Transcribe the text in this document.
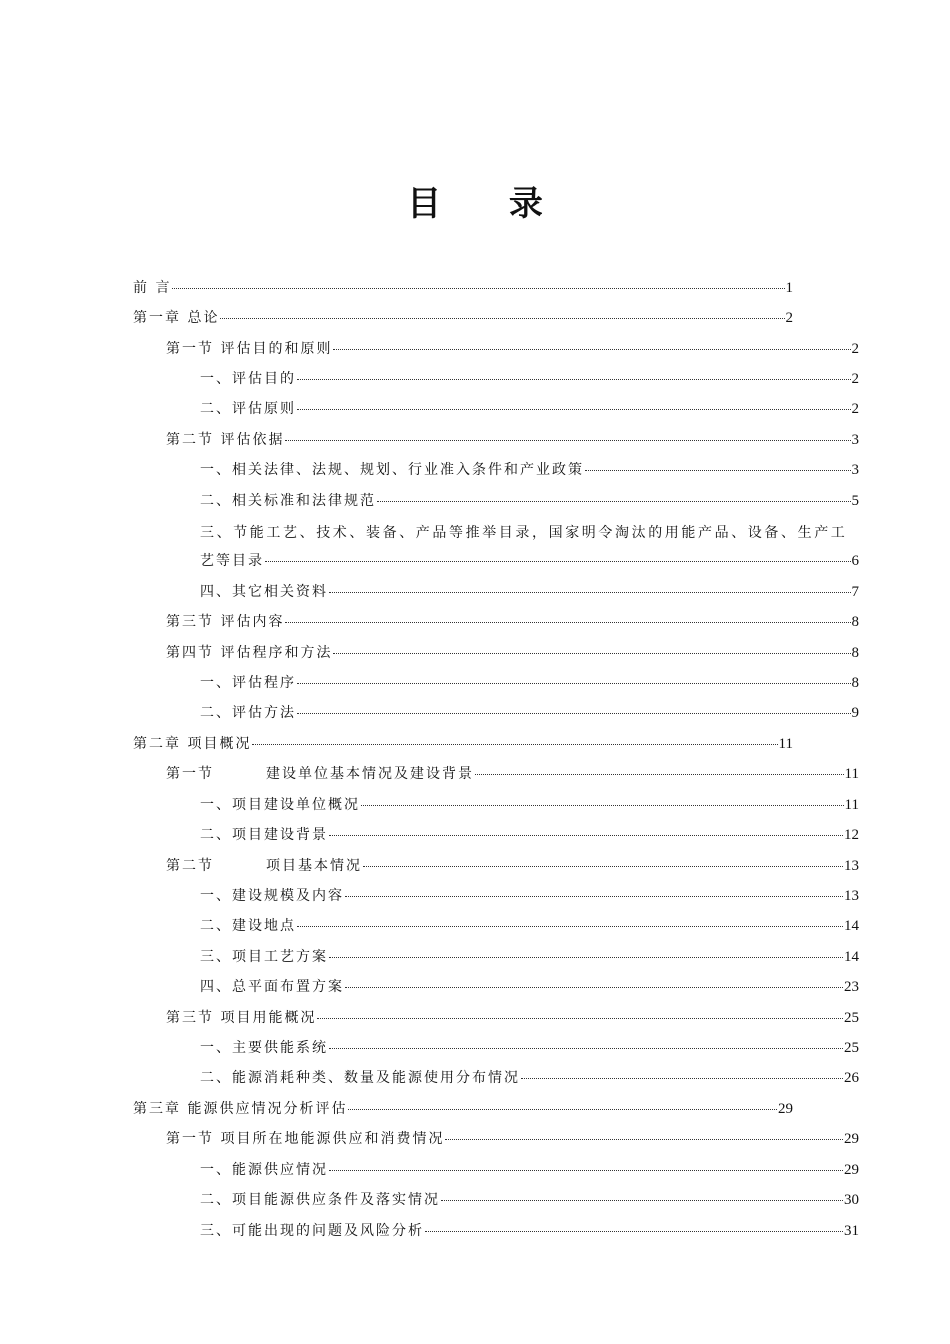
目 录
前 言	1
第一章 总论	2
第一节 评估目的和原则	2
一、评估目的	2
二、评估原则	2
第二节 评估依据	3
一、相关法律、法规、规划、行业准入条件和产业政策	3
二、相关标准和法律规范	5
三、节能工艺、技术、装备、产品等推举目录，国家明令淘汰的用能产品、设备、生产工
艺等目录	6
四、其它相关资料	7
第三节 评估内容	8
第四节 评估程序和方法	8
一、评估程序	8
二、评估方法	9
第二章 项目概况	11
第一节	建设单位基本情况及建设背景	11
一、项目建设单位概况	11
二、项目建设背景	12
第二节	项目基本情况	13
一、建设规模及内容	13
二、建设地点	14
三、项目工艺方案	14
四、总平面布置方案	23
第三节 项目用能概况	25
一、主要供能系统	25
二、能源消耗种类、数量及能源使用分布情况	26
第三章 能源供应情况分析评估	29
第一节 项目所在地能源供应和消费情况	29
一、能源供应情况	29
二、项目能源供应条件及落实情况	30
三、可能出现的问题及风险分析	31
